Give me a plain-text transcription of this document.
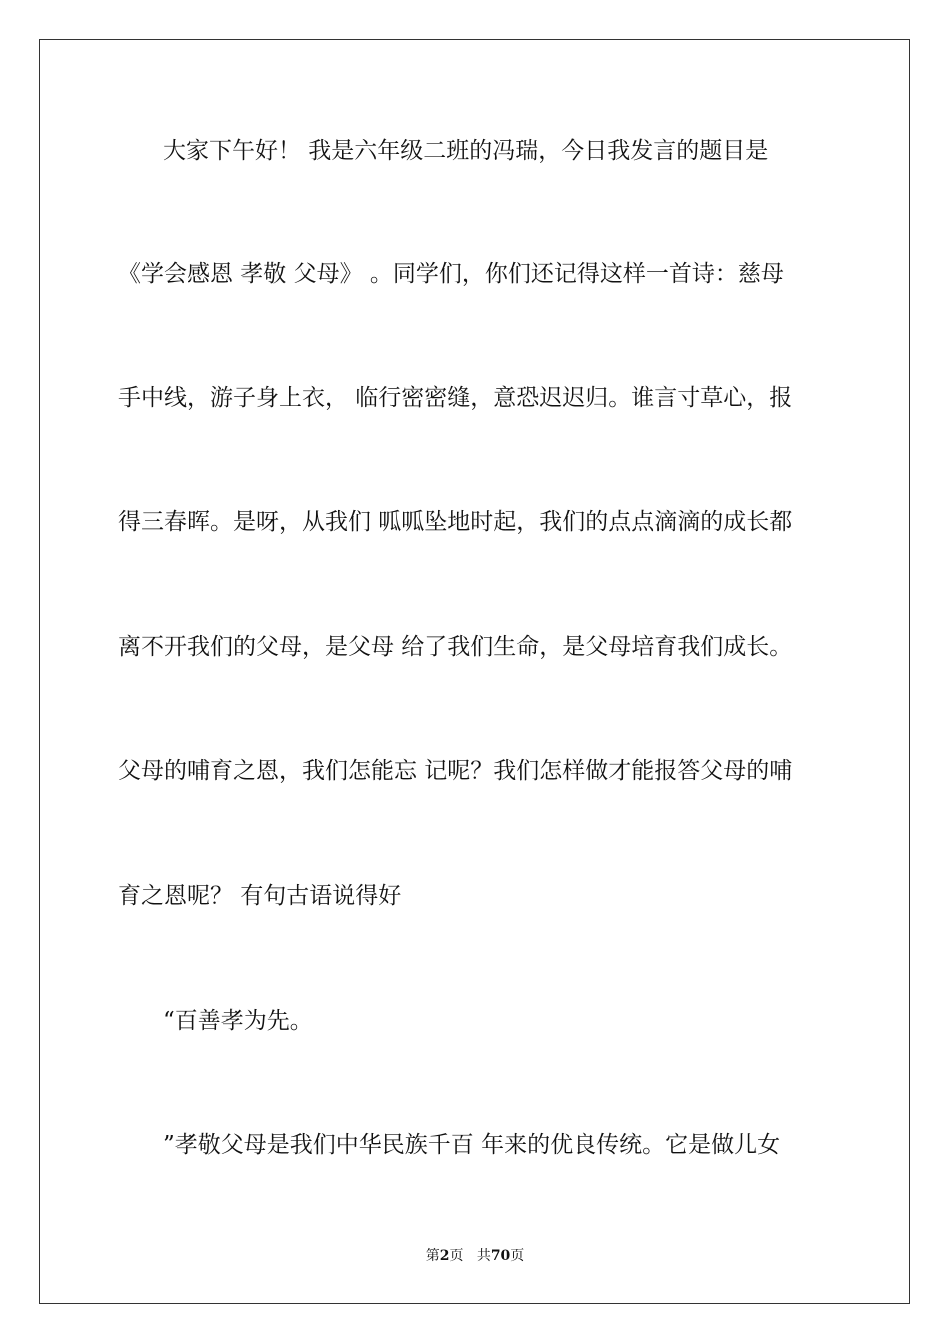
大家下午好！ 我是六年级二班的冯瑞，今日我发言的题目是
《学会感恩 孝敬 父母》 。同学们，你们还记得这样一首诗：慈母
手中线，游子身上衣， 临行密密缝，意恐迟迟归。谁言寸草心，报
得三春晖。是呀，从我们 呱呱坠地时起，我们的点点滴滴的成长都
离不开我们的父母，是父母 给了我们生命，是父母培育我们成长。
父母的哺育之恩，我们怎能忘 记呢？我们怎样做才能报答父母的哺
育之恩呢？ 有句古语说得好
“百善孝为先。
”孝敬父母是我们中华民族千百 年来的优良传统。它是做儿女
第2页 共70页
